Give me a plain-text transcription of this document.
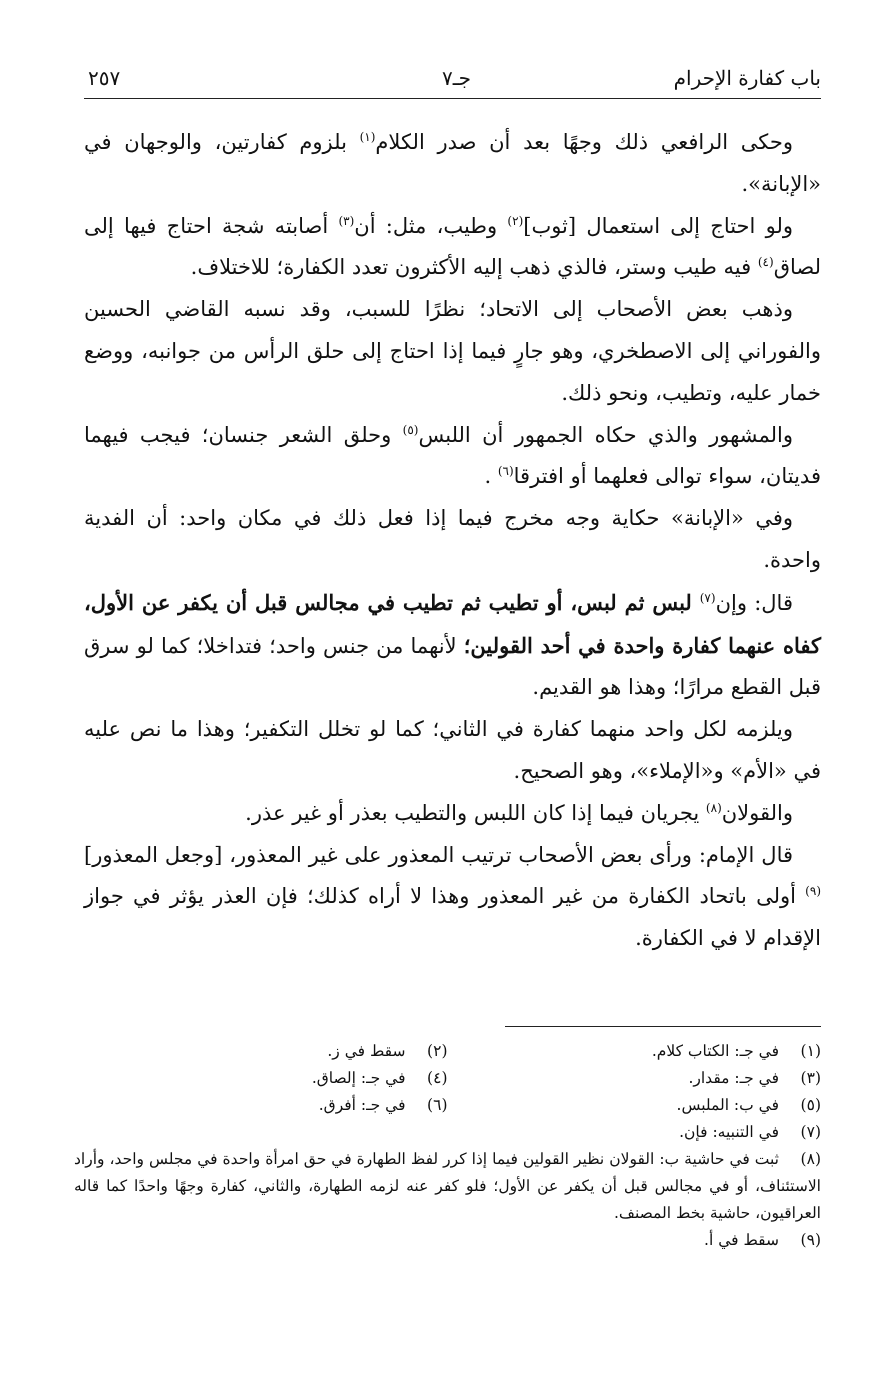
باب كفارة الإحرام
جـ٧
٢٥٧

وحكى الرافعي ذلك وجهًا بعد أن صدر الكلام$^{(١)}$ بلزوم كفارتين، والوجهان في «الإبانة».

ولو احتاج إلى استعمال [ثوب]$^{(٢)}$ وطيب، مثل: أن$^{(٣)}$ أصابته شجة احتاج فيها إلى لصاق$^{(٤)}$ فيه طيب وستر، فالذي ذهب إليه الأكثرون تعدد الكفارة؛ للاختلاف.

وذهب بعض الأصحاب إلى الاتحاد؛ نظرًا للسبب، وقد نسبه القاضي الحسين والفوراني إلى الاصطخري، وهو جارٍ فيما إذا احتاج إلى حلق الرأس من جوانبه، ووضع خمار عليه، وتطيب، ونحو ذلك.

والمشهور والذي حكاه الجمهور أن اللبس$^{(٥)}$ وحلق الشعر جنسان؛ فيجب فيهما فديتان، سواء توالى فعلهما أو افترقا$^{(٦)}$ .

وفي «الإبانة» حكاية وجه مخرج فيما إذا فعل ذلك في مكان واحد: أن الفدية واحدة.

قال: وإن$^{(٧)}$ لبس ثم لبس، أو تطيب ثم تطيب في مجالس قبل أن يكفر عن الأول، كفاه عنهما كفارة واحدة في أحد القولين؛ لأنهما من جنس واحد؛ فتداخلا؛ كما لو سرق قبل القطع مرارًا؛ وهذا هو القديم.

ويلزمه لكل واحد منهما كفارة في الثاني؛ كما لو تخلل التكفير؛ وهذا ما نص عليه في «الأم» و«الإملاء»، وهو الصحيح.

والقولان$^{(٨)}$ يجريان فيما إذا كان اللبس والتطيب بعذر أو غير عذر.

قال الإمام: ورأى بعض الأصحاب ترتيب المعذور على غير المعذور، [وجعل المعذور]$^{(٩)}$ أولى باتحاد الكفارة من غير المعذور وهذا لا أراه كذلك؛ فإن العذر يؤثر في جواز الإقدام لا في الكفارة.

(١)في جـ: الكتاب كلام.
(٢)سقط في ز.
(٣)في جـ: مقدار.
(٤)في جـ: إلصاق.
(٥)في ب: الملبس.
(٦)في جـ: أفرق.
(٧)في التنبيه: فإن.
(٨)ثبت في حاشية ب: القولان نظير القولين فيما إذا كرر لفظ الطهارة في حق امرأة واحدة في مجلس واحد، وأراد الاستئناف، أو في مجالس قبل أن يكفر عن الأول؛ فلو كفر عنه لزمه الطهارة، والثاني، كفارة وجهًا واحدًا كما قاله العراقيون، حاشية بخط المصنف.
(٩)سقط في أ.
